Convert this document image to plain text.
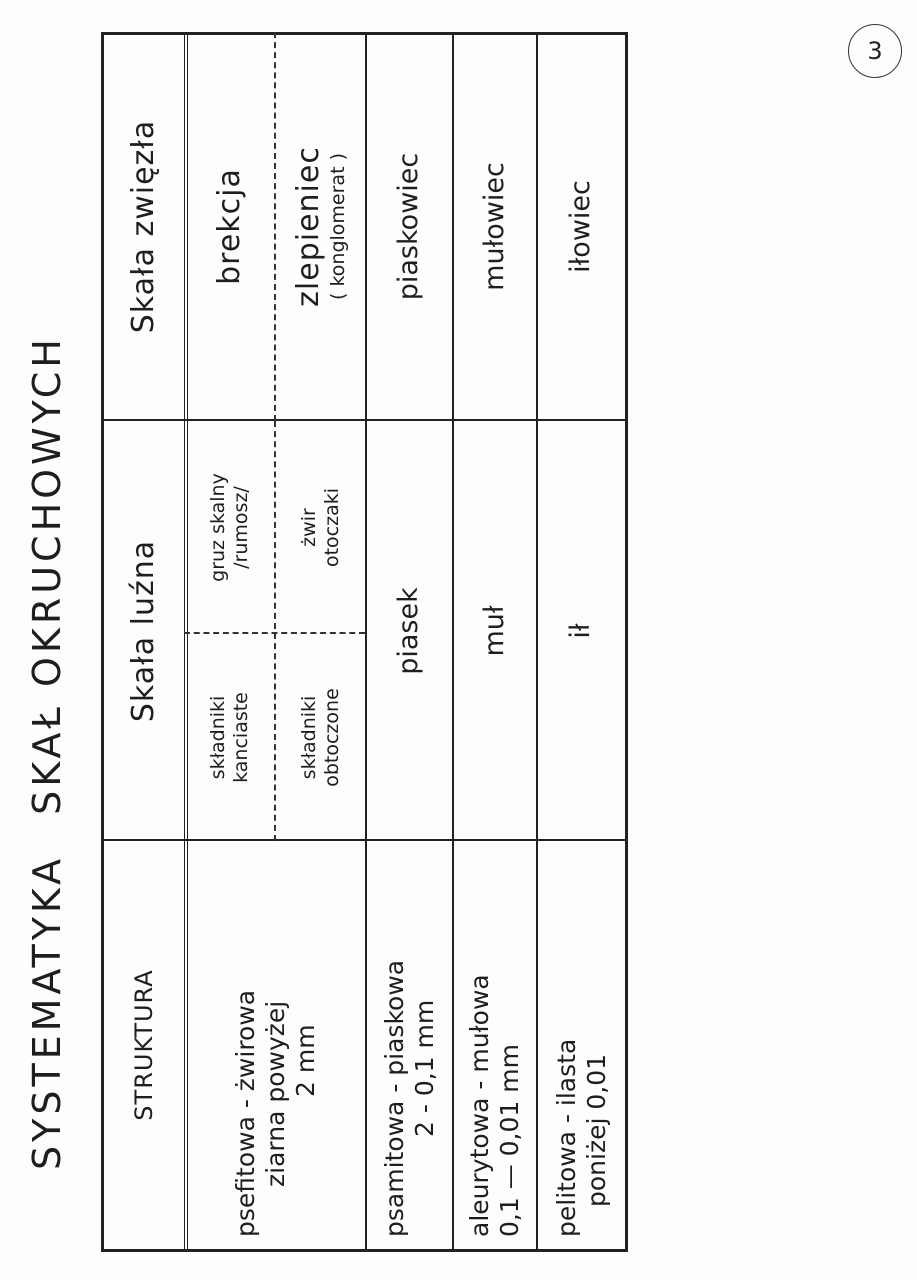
3
SYSTEMATYKASKAŁ OKRUCHOWYCH
STRUKTURA
Skała luźna
Skała zwięzła
psefitowa - żwirowa ziarna powyżej 2 mm
składniki kanciaste
gruz skalny /rumosz/
składniki obtoczone
żwir otoczaki
brekcja	zlepieniec ( konglomerat )
psamitowa - piaskowa 2 - 0,1 mm
piasek
piaskowiec
aleurytowa - mułowa 0,1 — 0,01 mm
muł
mułowiec
pelitowa - ilasta poniżej 0,01
ił
iłowiec
